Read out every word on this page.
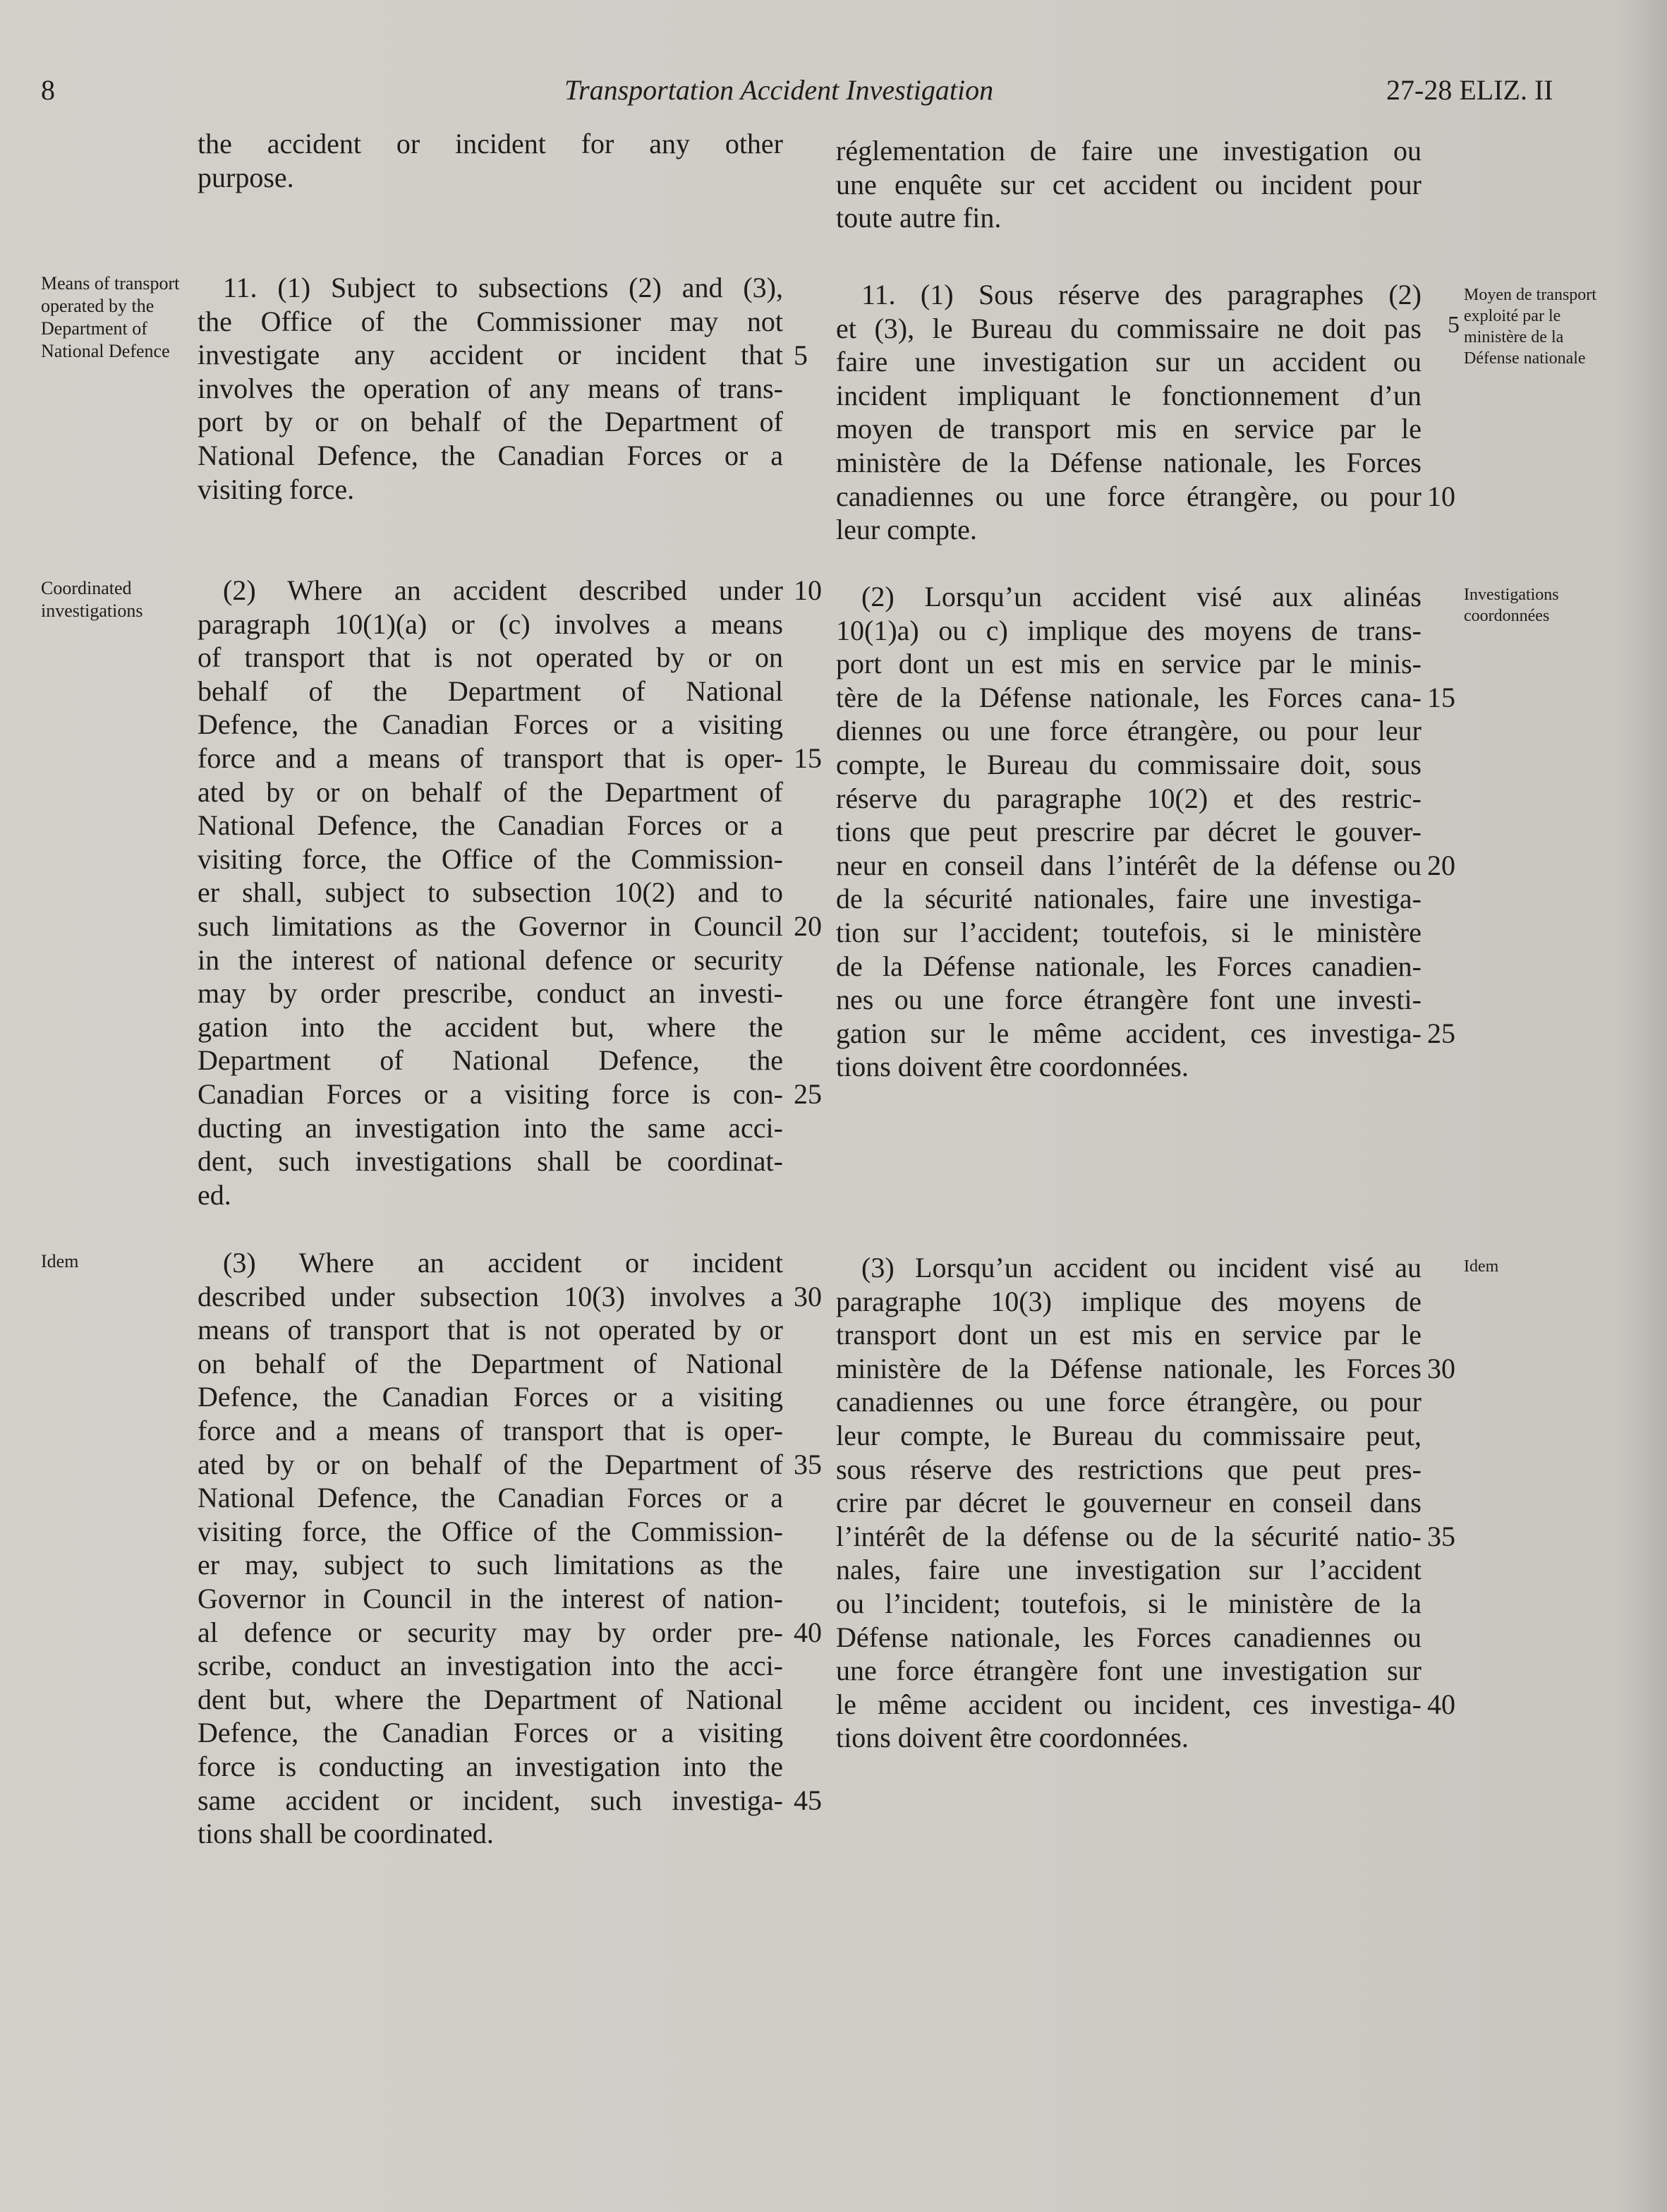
8	Transportation Accident Investigation	27-28 ELIZ. II
the accident or incident for any other
purpose.
Means of transport operated by the Department of National Defence
11. (1) Subject to subsections (2) and (3),
the Office of the Commissioner may not
investigate any accident or incident that
involves the operation of any means of trans-
port by or on behalf of the Department of
National Defence, the Canadian Forces or a
visiting force.
Coordinated investigations
(2) Where an accident described under
paragraph 10(1)(a) or (c) involves a means
of transport that is not operated by or on
behalf of the Department of National
Defence, the Canadian Forces or a visiting
force and a means of transport that is oper-
ated by or on behalf of the Department of
National Defence, the Canadian Forces or a
visiting force, the Office of the Commission-
er shall, subject to subsection 10(2) and to
such limitations as the Governor in Council
in the interest of national defence or security
may by order prescribe, conduct an investi-
gation into the accident but, where the
Department of National Defence, the
Canadian Forces or a visiting force is con-
ducting an investigation into the same acci-
dent, such investigations shall be coordinat-
ed.
Idem	(3) Where an accident or incident
described under subsection 10(3) involves a
means of transport that is not operated by or
on behalf of the Department of National
Defence, the Canadian Forces or a visiting
force and a means of transport that is oper-
ated by or on behalf of the Department of
National Defence, the Canadian Forces or a
visiting force, the Office of the Commission-
er may, subject to such limitations as the
Governor in Council in the interest of nation-
al defence or security may by order pre-
scribe, conduct an investigation into the acci-
dent but, where the Department of National
Defence, the Canadian Forces or a visiting
force is conducting an investigation into the
same accident or incident, such investiga-
tions shall be coordinated.
5
10
15
20
25
30
35
40
45
réglementation de faire une investigation ou
une enquête sur cet accident ou incident pour
toute autre fin.
Moyen de transport exploité par le ministère de la Défense nationale
11. (1) Sous réserve des paragraphes (2)
et (3), le Bureau du commissaire ne doit pas
faire une investigation sur un accident ou
incident impliquant le fonctionnement d’un
moyen de transport mis en service par le
ministère de la Défense nationale, les Forces
canadiennes ou une force étrangère, ou pour
leur compte.
Investigations coordonnées
(2) Lorsqu’un accident visé aux alinéas
10(1)a) ou c) implique des moyens de trans-
port dont un est mis en service par le minis-
tère de la Défense nationale, les Forces cana-
diennes ou une force étrangère, ou pour leur
compte, le Bureau du commissaire doit, sous
réserve du paragraphe 10(2) et des restric-
tions que peut prescrire par décret le gouver-
neur en conseil dans l’intérêt de la défense ou
de la sécurité nationales, faire une investiga-
tion sur l’accident; toutefois, si le ministère
de la Défense nationale, les Forces canadien-
nes ou une force étrangère font une investi-
gation sur le même accident, ces investiga-
tions doivent être coordonnées.
Idem
(3) Lorsqu’un accident ou incident visé au
paragraphe 10(3) implique des moyens de
transport dont un est mis en service par le
ministère de la Défense nationale, les Forces
canadiennes ou une force étrangère, ou pour
leur compte, le Bureau du commissaire peut,
sous réserve des restrictions que peut pres-
crire par décret le gouverneur en conseil dans
l’intérêt de la défense ou de la sécurité natio-
nales, faire une investigation sur l’accident
ou l’incident; toutefois, si le ministère de la
Défense nationale, les Forces canadiennes ou
une force étrangère font une investigation sur
le même accident ou incident, ces investiga-
tions doivent être coordonnées.
5
10
15
20
25
30
35
40
